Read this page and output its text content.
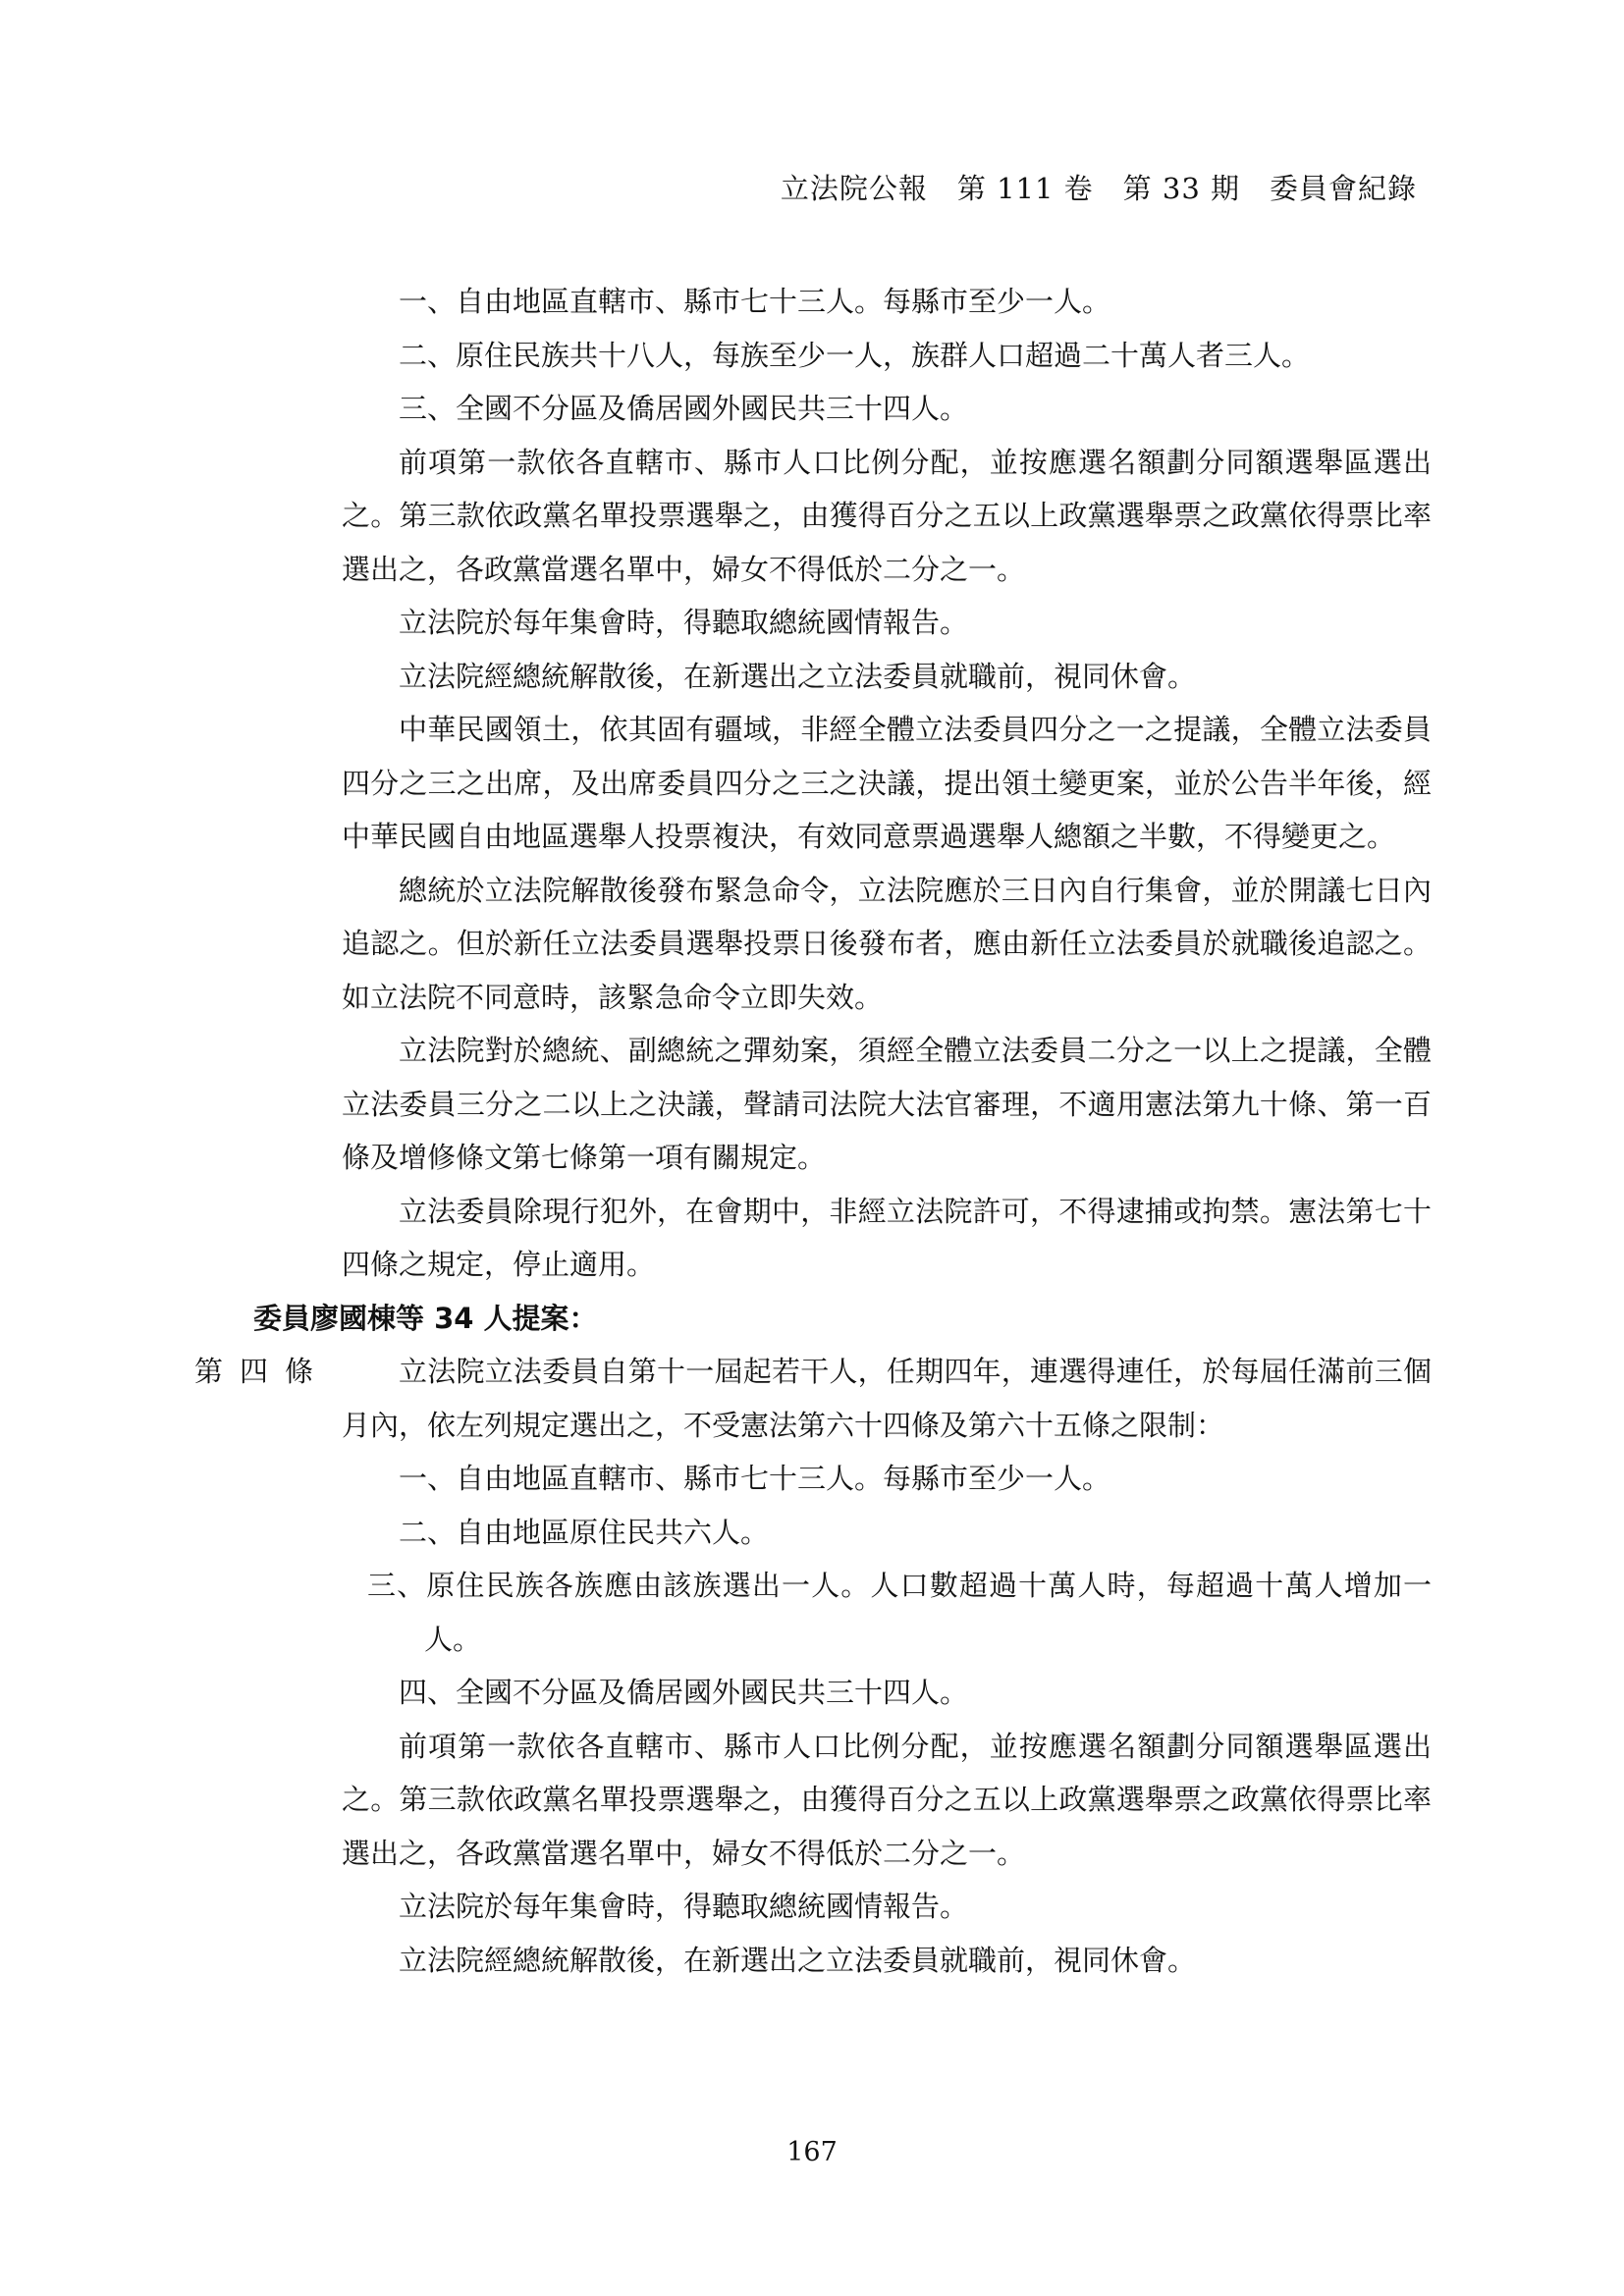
立法院公報　第 111 卷　第 33 期　委員會紀錄

一、自由地區直轄市、縣市七十三人。每縣市至少一人。

二、原住民族共十八人，每族至少一人，族群人口超過二十萬人者三人。

三、全國不分區及僑居國外國民共三十四人。

前項第一款依各直轄市、縣市人口比例分配，並按應選名額劃分同額選舉區選出之。第三款依政黨名單投票選舉之，由獲得百分之五以上政黨選舉票之政黨依得票比率選出之，各政黨當選名單中，婦女不得低於二分之一。

立法院於每年集會時，得聽取總統國情報告。

立法院經總統解散後，在新選出之立法委員就職前，視同休會。

中華民國領土，依其固有疆域，非經全體立法委員四分之一之提議，全體立法委員四分之三之出席，及出席委員四分之三之決議，提出領土變更案，並於公告半年後，經中華民國自由地區選舉人投票複決，有效同意票過選舉人總額之半數，不得變更之。

總統於立法院解散後發布緊急命令，立法院應於三日內自行集會，並於開議七日內追認之。但於新任立法委員選舉投票日後發布者，應由新任立法委員於就職後追認之。如立法院不同意時，該緊急命令立即失效。

立法院對於總統、副總統之彈劾案，須經全體立法委員二分之一以上之提議，全體立法委員三分之二以上之決議，聲請司法院大法官審理，不適用憲法第九十條、第一百條及增修條文第七條第一項有關規定。

立法委員除現行犯外，在會期中，非經立法院許可，不得逮捕或拘禁。憲法第七十四條之規定，停止適用。

委員廖國棟等 34 人提案：
第四條	立法院立法委員自第十一屆起若干人，任期四年，連選得連任，於每屆任滿前三個月內，依左列規定選出之，不受憲法第六十四條及第六十五條之限制：

一、自由地區直轄市、縣市七十三人。每縣市至少一人。

二、自由地區原住民共六人。

三、原住民族各族應由該族選出一人。人口數超過十萬人時，每超過十萬人增加一人。

四、全國不分區及僑居國外國民共三十四人。

前項第一款依各直轄市、縣市人口比例分配，並按應選名額劃分同額選舉區選出之。第三款依政黨名單投票選舉之，由獲得百分之五以上政黨選舉票之政黨依得票比率選出之，各政黨當選名單中，婦女不得低於二分之一。

立法院於每年集會時，得聽取總統國情報告。

立法院經總統解散後，在新選出之立法委員就職前，視同休會。

167
